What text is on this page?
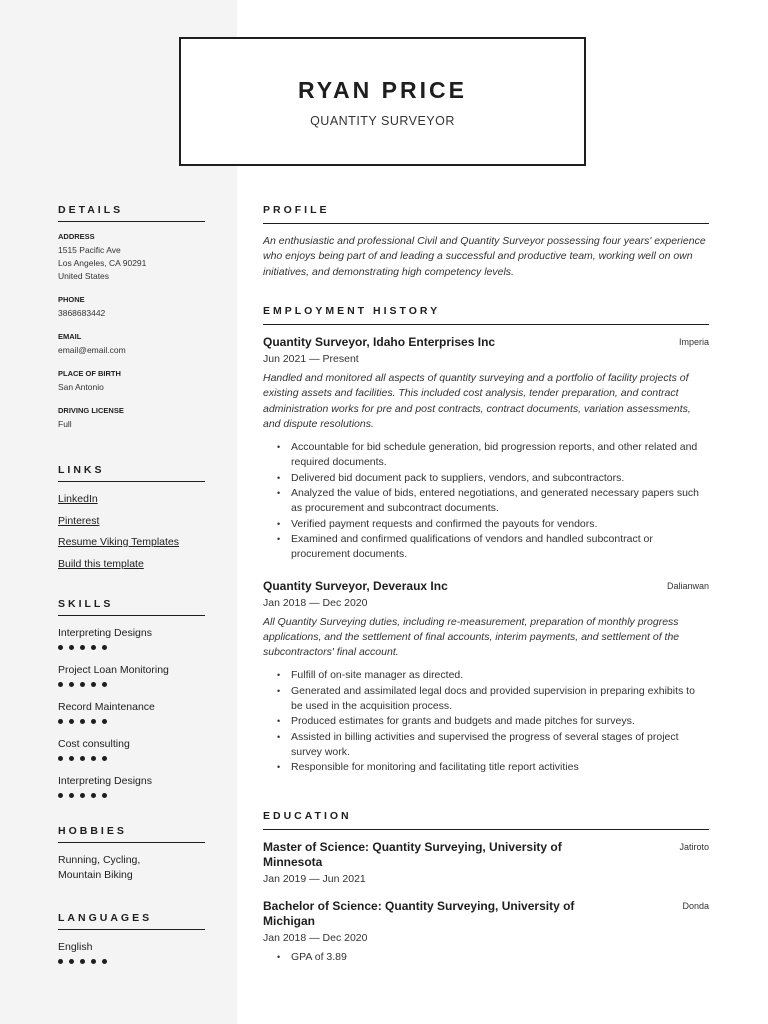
RYAN PRICE
QUANTITY SURVEYOR
DETAILS
ADDRESS
1515 Pacific Ave
Los Angeles, CA 90291
United States
PHONE
3868683442
EMAIL
email@email.com
PLACE OF BIRTH
San Antonio
DRIVING LICENSE
Full
LINKS
LinkedIn
Pinterest
Resume Viking Templates
Build this template
SKILLS
Interpreting Designs
Project Loan Monitoring
Record Maintenance
Cost consulting
Interpreting Designs
HOBBIES
Running, Cycling,
Mountain Biking
LANGUAGES
English
PROFILE
An enthusiastic and professional Civil and Quantity Surveyor possessing four years' experience who enjoys being part of and leading a successful and productive team, working well on own initiatives, and demonstrating high competency levels.
EMPLOYMENT HISTORY
Quantity Surveyor, Idaho Enterprises Inc	Imperia
Jun 2021 — Present
Handled and monitored all aspects of quantity surveying and a portfolio of facility projects of existing assets and facilities. This included cost analysis, tender preparation, and contract administration works for pre and post contracts, contract documents, variation assessments, and dispute resolutions.
• Accountable for bid schedule generation, bid progression reports, and other related and required documents.
• Delivered bid document pack to suppliers, vendors, and subcontractors.
• Analyzed the value of bids, entered negotiations, and generated necessary papers such as procurement and subcontract documents.
• Verified payment requests and confirmed the payouts for vendors.
• Examined and confirmed qualifications of vendors and handled subcontract or procurement documents.
Quantity Surveyor, Deveraux Inc	Dalianwan
Jan 2018 — Dec 2020
All Quantity Surveying duties, including re-measurement, preparation of monthly progress applications, and the settlement of final accounts, interim payments, and settlement of the subcontractors' final account.
• Fulfill of on-site manager as directed.
• Generated and assimilated legal docs and provided supervision in preparing exhibits to be used in the acquisition process.
• Produced estimates for grants and budgets and made pitches for surveys.
• Assisted in billing activities and supervised the progress of several stages of project survey work.
• Responsible for monitoring and facilitating title report activities
EDUCATION
Master of Science: Quantity Surveying, University of Minnesota
Jatiroto
Jan 2019 — Jun 2021
Bachelor of Science: Quantity Surveying, University of Michigan
Donda
Jan 2018 — Dec 2020
• GPA of 3.89
